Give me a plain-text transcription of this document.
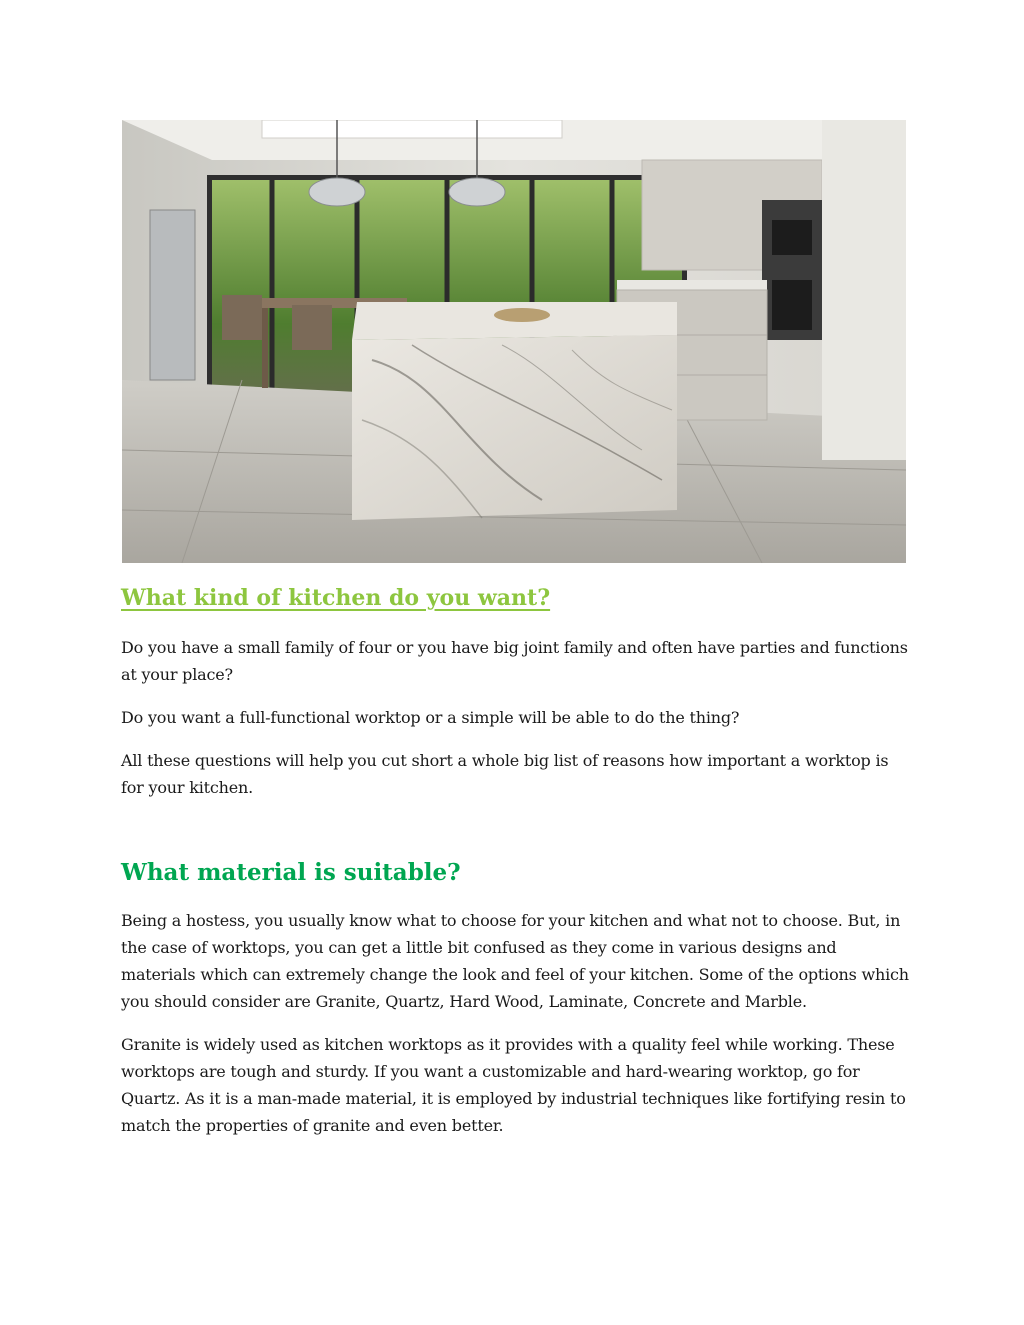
What kind of kitchen do you want?

Do you have a small family of four or you have big joint family and often have parties and functions at your place?

Do you want a full-functional worktop or a simple will be able to do the thing?

All these questions will help you cut short a whole big list of reasons how important a worktop is for your kitchen.

What material is suitable?

Being a hostess, you usually know what to choose for your kitchen and what not to choose. But, in the case of worktops, you can get a little bit confused as they come in various designs and materials which can extremely change the look and feel of your kitchen. Some of the options which you should consider are Granite, Quartz, Hard Wood, Laminate, Concrete and Marble.

Granite is widely used as kitchen worktops as it provides with a quality feel while working. These worktops are tough and sturdy. If you want a customizable and hard-wearing worktop, go for Quartz. As it is a man-made material, it is employed by industrial techniques like fortifying resin to match the properties of granite and even better.
